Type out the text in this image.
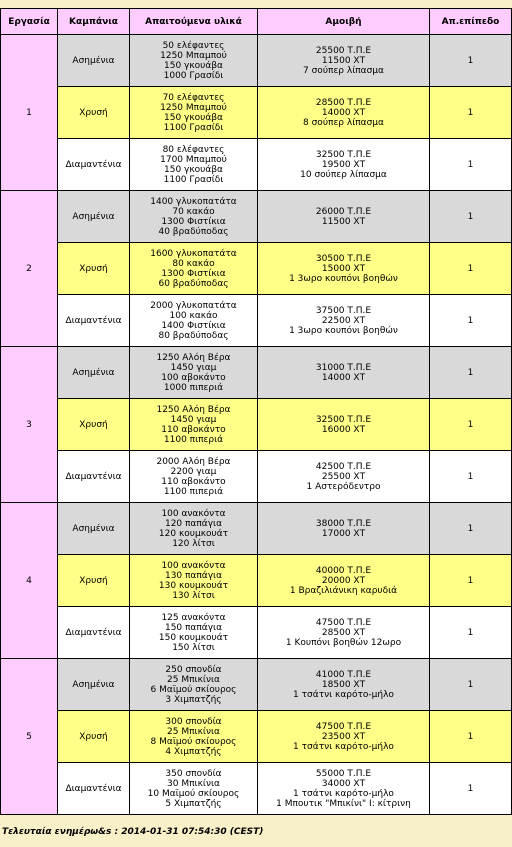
Εργασία	Καμπάνια	Απαιτούμενα υλικά	Αμοιβή	Απ.επίπεδο
1	Ασημένια	50 ελέφαντες
1250 Μπαμπού
150 γκουάβα
1000 Γρασίδι	25500 Τ.Π.Ε
11500 ΧΤ
7 σούπερ λίπασμα	1
	Χρυσή	70 ελέφαντες
1250 Μπαμπού
150 γκουάβα
1100 Γρασίδι	28500 Τ.Π.Ε
14000 ΧΤ
8 σούπερ λίπασμα	1
	Διαμαντένια	80 ελέφαντες
1700 Μπαμπού
150 γκουάβα
1100 Γρασίδι	32500 Τ.Π.Ε
19500 ΧΤ
10 σούπερ λίπασμα	1
2	Ασημένια	1400 γλυκοπατάτα
70 κακάο
1300 Φιστίκια
40 βραδύποδας	26000 Τ.Π.Ε
11500 ΧΤ	1
	Χρυσή	1600 γλυκοπατάτα
80 κακάο
1300 Φιστίκια
60 βραδύποδας	30500 Τ.Π.Ε
15000 ΧΤ
1 3ωρο κουπόνι βοηθών	1
	Διαμαντένια	2000 γλυκοπατάτα
100 κακάο
1400 Φιστίκια
80 βραδύποδας	37500 Τ.Π.Ε
22500 ΧΤ
1 3ωρο κουπόνι βοηθών	1
3	Ασημένια	1250 Αλόη Βέρα
1450 γιαμ
100 αβοκάντο
1000 πιπεριά	31000 Τ.Π.Ε
14000 ΧΤ	1
	Χρυσή	1250 Αλόη Βέρα
1450 γιαμ
110 αβοκάντο
1100 πιπεριά	32500 Τ.Π.Ε
16000 ΧΤ	1
	Διαμαντένια	2000 Αλόη Βέρα
2200 γιαμ
110 αβοκάντο
1100 πιπεριά	42500 Τ.Π.Ε
25500 ΧΤ
1 Αστερόδεντρο	1
4	Ασημένια	100 ανακόντα
120 παπάγια
120 κουμκουάτ
120 λίτσι	38000 Τ.Π.Ε
17000 ΧΤ	1
	Χρυσή	100 ανακόντα
130 παπάγια
130 κουμκουάτ
130 λίτσι	40000 Τ.Π.Ε
20000 ΧΤ
1 Βραζιλιάνικη καρυδιά	1
	Διαμαντένια	125 ανακόντα
150 παπάγια
150 κουμκουάτ
150 λίτσι	47500 Τ.Π.Ε
28500 ΧΤ
1 Κουπόνι βοηθών 12ωρο	1
5	Ασημένια	250 σπονδία
25 Μπικίνια
6 Μαϊμού σκίουρος
3 Χιμπατζής	41000 Τ.Π.Ε
18500 ΧΤ
1 τσάτνι καρότο-μήλο	1
	Χρυσή	300 σπονδία
25 Μπικίνια
8 Μαϊμού σκίουρος
4 Χιμπατζής	47500 Τ.Π.Ε
23500 ΧΤ
1 τσάτνι καρότο-μήλο	1
	Διαμαντένια	350 σπονδία
30 Μπικίνια
10 Μαϊμού σκίουρος
5 Χιμπατζής	55000 Τ.Π.Ε
34000 ΧΤ
1 τσάτνι καρότο-μήλο
1 Μπουτικ "Μπικίνι" Ι: κίτρινη	1
Τελευταία ενημέρω&s : 2014-01-31 07:54:30 (CEST)
